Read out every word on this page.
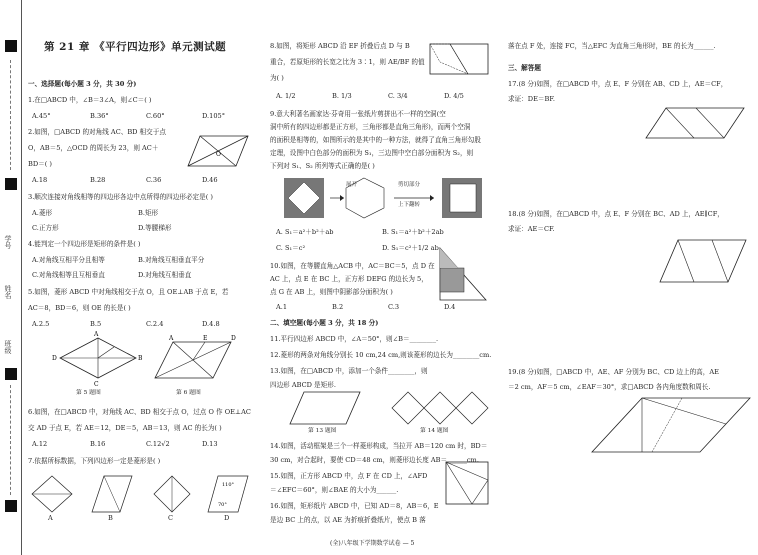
学号
姓名
班级
第 21 章 《平行四边形》单元测试题
一、选择题(每小题 3 分，共 30 分)
1.在□ABCD 中，∠B＝3∠A，则∠C＝( )
A.45°	B.36°	C.60°	D.105°
2.如图，□ABCD 的对角线 AC、BD 相交于点
O，AB＝5，△OCD 的周长为 23，则 AC＋
BD＝( )
O
A.18	B.28	C.36	D.46
3.顺次连接对角线相等的四边形各边中点所得的四边形必定是( )
A.菱形	B.矩形
C.正方形	D.等腰梯形
4.能判定一个四边形是矩形的条件是( )
A.对角线互相平分且相等	B.对角线互相垂直平分
C.对角线相等且互相垂直	D.对角线互相垂直
5.如图，菱形 ABCD 中对角线相交于点 O，且 OE⊥AB 于点 E，若
AC＝8，BD＝6，则 OE 的长是( )
A.2.5	B.5	C.2.4	D.4.8
A
D	B
C
第 5 题图
A	E	D
第 6 题图
6.如图，在□ABCD 中，对角线 AC、BD 相交于点 O，过点 O 作 OE⊥AC
交 AD 于点 E，若 AE＝12，DE＝5，AB＝13，则 AC 的长为( )
A.12	B.16	C.12√2	D.13
7.依据所标数据，下列四边形一定是菱形是( )
110°
70°
A	B	C	D
8.如图，将矩形 ABCD 沿 EF 折叠后点 D 与 B
重合，若原矩形的长宽之比为 3∶1，则 AE/BF 的值
为( )
A. 1/2	B. 1/3	C. 3/4	D. 4/5
9.意大利著名画家达·芬奇用一张纸片剪拼出不一样的空洞(空
洞中所有的四边形都是正方形，三角形都是直角三角形)，而两个空洞
的面积是相等的，如图所示的是其中的一种方法，就得了直角三角形勾股
定理，设图中白色部分的面积为 S₁，三边图中空白部分面积为 S₂，则
下列对 S₁、S₂ 所列等式正确的是( )
展开	剪切部分
上下翻转
A. S₁＝a²＋b²＋ab	B. S₁＝a²＋b²＋2ab
C. S₁＝c²	D. S₁＝c²＋1/2 ab
10.如图，在等腰直角△ACB 中，AC＝BC＝5，点 D 在
AC 上，点 E 在 BC 上，正方形 DEFG 的边长为 5，
点 G 在 AB 上，则图中阴影部分面积为( )
A.1	B.2	C.3	D.4
二、填空题(每小题 3 分，共 18 分)
11.平行四边形 ABCD 中，∠A＝50°，则∠B＝________.
12.菱形的两条对角线分别长 10 cm,24 cm,则该菱形的边长为________cm.
13.如图，在□ABCD 中，添加一个条件________，则
四边形 ABCD 是矩形.
第 13 题图	第 14 题图
14.如图，活动框架是三个一样菱形构成，当拉开 AB＝120 cm 时，BD＝
30 cm，对合起时，要使 CD＝48 cm，则菱形边长度 AB＝______cm.
15.如图，正方形 ABCD 中，点 F 在 CD 上，∠AFD
＝∠EFC＝60°，则∠BAE 的大小为______.
16.如图，矩形纸片 ABCD 中，已知 AD＝8，AB＝6，E
是边 BC 上的点，以 AE 为折痕折叠纸片，使点 B 落
落在点 F 处，连接 FC，当△EFC 为直角三角形时，BE 的长为______.
三、解答题
17.(8 分)如图，在□ABCD 中，点 E、F 分别在 AB、CD 上，AE＝CF，
求证：DE＝BF.
18.(8 分)如图，在□ABCD 中，点 E、F 分别在 BC、AD 上，AE∥CF，
求证：AE＝CF.
19.(8 分)如图，□ABCD 中，AE、AF 分别为 BC、CD 边上的高，AE
＝2 cm，AF＝5 cm，∠EAF＝30°，求□ABCD 各内角度数和周长.
(全)八年级下学期数学试卷 — 5
